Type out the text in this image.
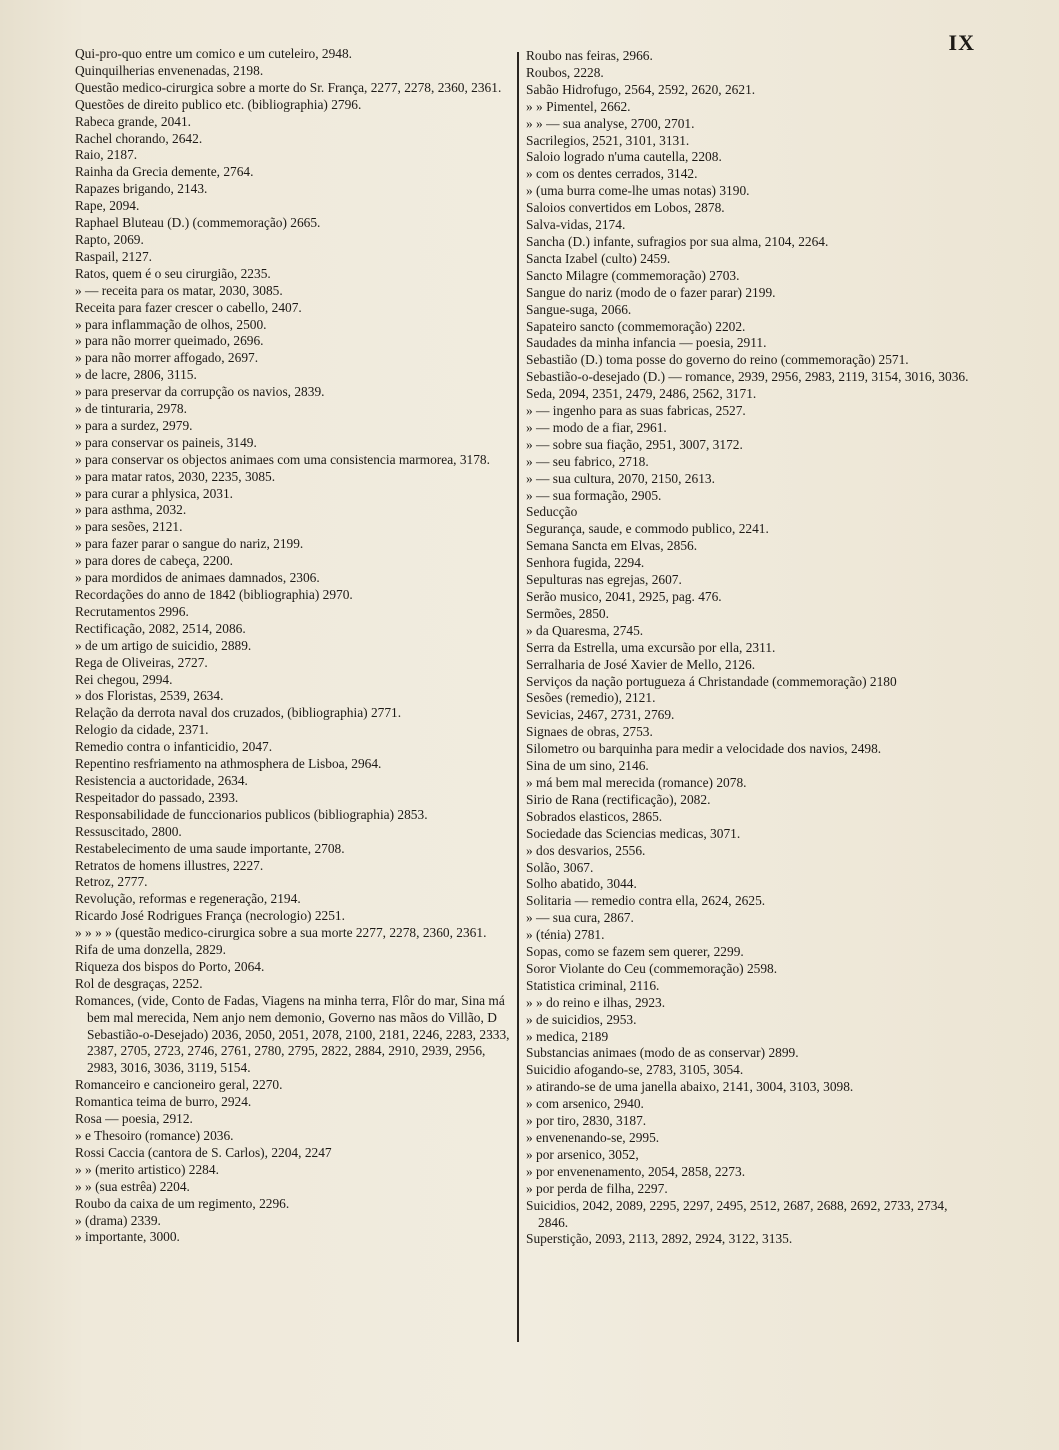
IX

Qui-pro-quo entre um comico e um cuteleiro, 2948.

Quinquilherias envenenadas, 2198.

Questão medico-cirurgica sobre a morte do Sr. França, 2277, 2278, 2360, 2361.

Questões de direito publico etc. (bibliographia) 2796.

Rabeca grande, 2041.

Rachel chorando, 2642.

Raio, 2187.

Rainha da Grecia demente, 2764.

Rapazes brigando, 2143.

Rape, 2094.

Raphael Bluteau (D.) (commemoração) 2665.

Rapto, 2069.

Raspail, 2127.

Ratos, quem é o seu cirurgião, 2235.

» — receita para os matar, 2030, 3085.

Receita para fazer crescer o cabello, 2407.

» para inflammação de olhos, 2500.

» para não morrer queimado, 2696.

» para não morrer affogado, 2697.

» de lacre, 2806, 3115.

» para preservar da corrupção os navios, 2839.

» de tinturaria, 2978.

» para a surdez, 2979.

» para conservar os paineis, 3149.

» para conservar os objectos animaes com uma consistencia marmorea, 3178.

» para matar ratos, 2030, 2235, 3085.

» para curar a phlysica, 2031.

» para asthma, 2032.

» para sesões, 2121.

» para fazer parar o sangue do nariz, 2199.

» para dores de cabeça, 2200.

» para mordidos de animaes damnados, 2306.

Recordações do anno de 1842 (bibliographia) 2970.

Recrutamentos 2996.

Rectificação, 2082, 2514, 2086.

» de um artigo de suicidio, 2889.

Rega de Oliveiras, 2727.

Rei chegou, 2994.

» dos Floristas, 2539, 2634.

Relação da derrota naval dos cruzados, (bibliographia) 2771.

Relogio da cidade, 2371.

Remedio contra o infanticidio, 2047.

Repentino resfriamento na athmosphera de Lisboa, 2964.

Resistencia a auctoridade, 2634.

Respeitador do passado, 2393.

Responsabilidade de funccionarios publicos (bibliographia) 2853.

Ressuscitado, 2800.

Restabelecimento de uma saude importante, 2708.

Retratos de homens illustres, 2227.

Retroz, 2777.

Revolução, reformas e regeneração, 2194.

Ricardo José Rodrigues França (necrologio) 2251.

» » » » (questão medico-cirurgica sobre a sua morte 2277, 2278, 2360, 2361.

Rifa de uma donzella, 2829.

Riqueza dos bispos do Porto, 2064.

Rol de desgraças, 2252.

Romances, (vide, Conto de Fadas, Viagens na minha terra, Flôr do mar, Sina má bem mal merecida, Nem anjo nem demonio, Governo nas mãos do Villão, D Sebastião-o-Desejado) 2036, 2050, 2051, 2078, 2100, 2181, 2246, 2283, 2333, 2387, 2705, 2723, 2746, 2761, 2780, 2795, 2822, 2884, 2910, 2939, 2956, 2983, 3016, 3036, 3119, 5154.

Romanceiro e cancioneiro geral, 2270.

Romantica teima de burro, 2924.

Rosa — poesia, 2912.

» e Thesoiro (romance) 2036.

Rossi Caccia (cantora de S. Carlos), 2204, 2247

» » (merito artistico) 2284.

» » (sua estrêa) 2204.

Roubo da caixa de um regimento, 2296.

» (drama) 2339.

» importante, 3000.

Roubo nas feiras, 2966.

Roubos, 2228.

Sabão Hidrofugo, 2564, 2592, 2620, 2621.

» » Pimentel, 2662.

» » — sua analyse, 2700, 2701.

Sacrilegios, 2521, 3101, 3131.

Saloio logrado n'uma cautella, 2208.

» com os dentes cerrados, 3142.

» (uma burra come-lhe umas notas) 3190.

Saloios convertidos em Lobos, 2878.

Salva-vidas, 2174.

Sancha (D.) infante, sufragios por sua alma, 2104, 2264.

Sancta Izabel (culto) 2459.

Sancto Milagre (commemoração) 2703.

Sangue do nariz (modo de o fazer parar) 2199.

Sangue-suga, 2066.

Sapateiro sancto (commemoração) 2202.

Saudades da minha infancia — poesia, 2911.

Sebastião (D.) toma posse do governo do reino (commemoração) 2571.

Sebastião-o-desejado (D.) — romance, 2939, 2956, 2983, 2119, 3154, 3016, 3036.

Seda, 2094, 2351, 2479, 2486, 2562, 3171.

» — ingenho para as suas fabricas, 2527.

» — modo de a fiar, 2961.

» — sobre sua fiação, 2951, 3007, 3172.

» — seu fabrico, 2718.

» — sua cultura, 2070, 2150, 2613.

» — sua formação, 2905.

Seducção

Segurança, saude, e commodo publico, 2241.

Semana Sancta em Elvas, 2856.

Senhora fugida, 2294.

Sepulturas nas egrejas, 2607.

Serão musico, 2041, 2925, pag. 476.

Sermões, 2850.

» da Quaresma, 2745.

Serra da Estrella, uma excursão por ella, 2311.

Serralharia de José Xavier de Mello, 2126.

Serviços da nação portugueza á Christandade (commemoração) 2180

Sesões (remedio), 2121.

Sevicias, 2467, 2731, 2769.

Signaes de obras, 2753.

Silometro ou barquinha para medir a velocidade dos navios, 2498.

Sina de um sino, 2146.

» má bem mal merecida (romance) 2078.

Sirio de Rana (rectificação), 2082.

Sobrados elasticos, 2865.

Sociedade das Sciencias medicas, 3071.

» dos desvarios, 2556.

Solão, 3067.

Solho abatido, 3044.

Solitaria — remedio contra ella, 2624, 2625.

» — sua cura, 2867.

» (ténia) 2781.

Sopas, como se fazem sem querer, 2299.

Soror Violante do Ceu (commemoração) 2598.

Statistica criminal, 2116.

» » do reino e ilhas, 2923.

» de suicidios, 2953.

» medica, 2189

Substancias animaes (modo de as conservar) 2899.

Suicidio afogando-se, 2783, 3105, 3054.

» atirando-se de uma janella abaixo, 2141, 3004, 3103, 3098.

» com arsenico, 2940.

» por tiro, 2830, 3187.

» envenenando-se, 2995.

» por arsenico, 3052,

» por envenenamento, 2054, 2858, 2273.

» por perda de filha, 2297.

Suicidios, 2042, 2089, 2295, 2297, 2495, 2512, 2687, 2688, 2692, 2733, 2734, 2846.

Superstição, 2093, 2113, 2892, 2924, 3122, 3135.
